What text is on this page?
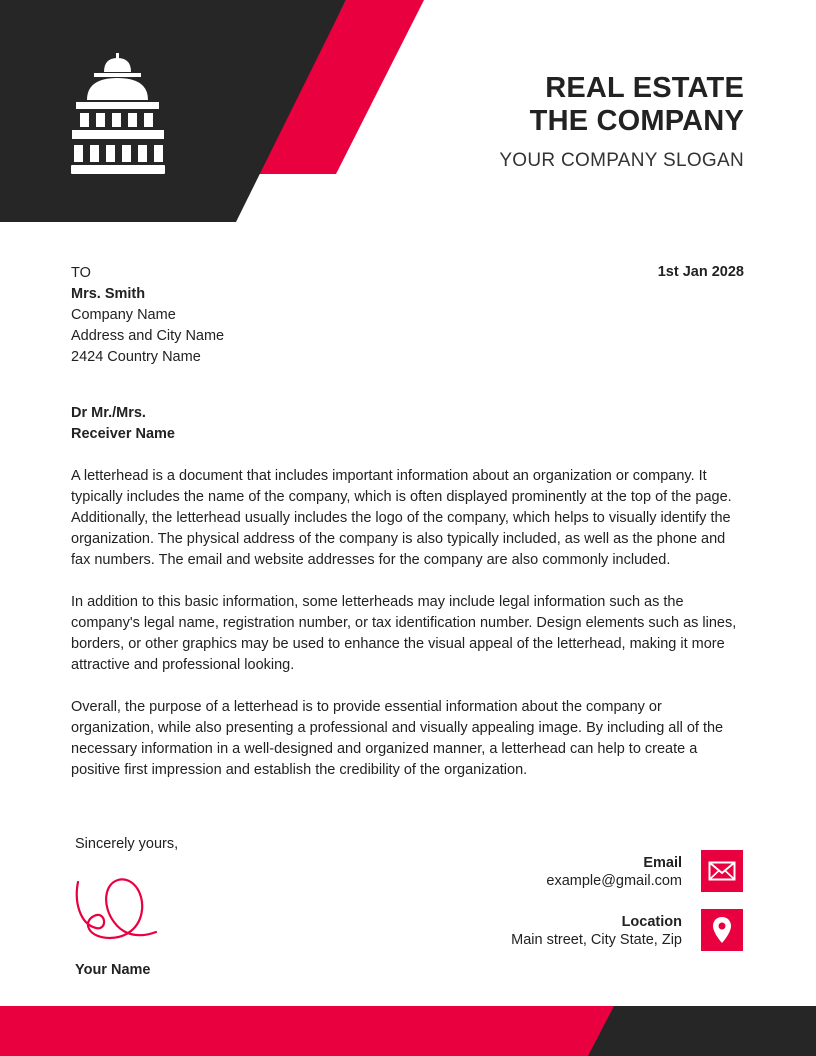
REAL ESTATE
THE COMPANY
YOUR COMPANY SLOGAN
1st Jan 2028
TO
Mrs. Smith
Company Name
Address and City Name
2424 Country Name
Dr Mr./Mrs.
Receiver Name

A letterhead is a document that includes important information about an organization or company. It typically includes the name of the company, which is often displayed prominently at the top of the page. Additionally, the letterhead usually includes the logo of the company, which helps to visually identify the organization. The physical address of the company is also typically included, as well as the phone and fax numbers. The email and website addresses for the company are also commonly included.

In addition to this basic information, some letterheads may include legal information such as the company's legal name, registration number, or tax identification number. Design elements such as lines, borders, or other graphics may be used to enhance the visual appeal of the letterhead, making it more attractive and professional looking.

Overall, the purpose of a letterhead is to provide essential information about the company or organization, while also presenting a professional and visually appealing image. By including all of the necessary information in a well-designed and organized manner, a letterhead can help to create a positive first impression and establish the credibility of the organization.

Sincerely yours,
Your Name
Email
example@gmail.com
Location
Main street, City State, Zip
